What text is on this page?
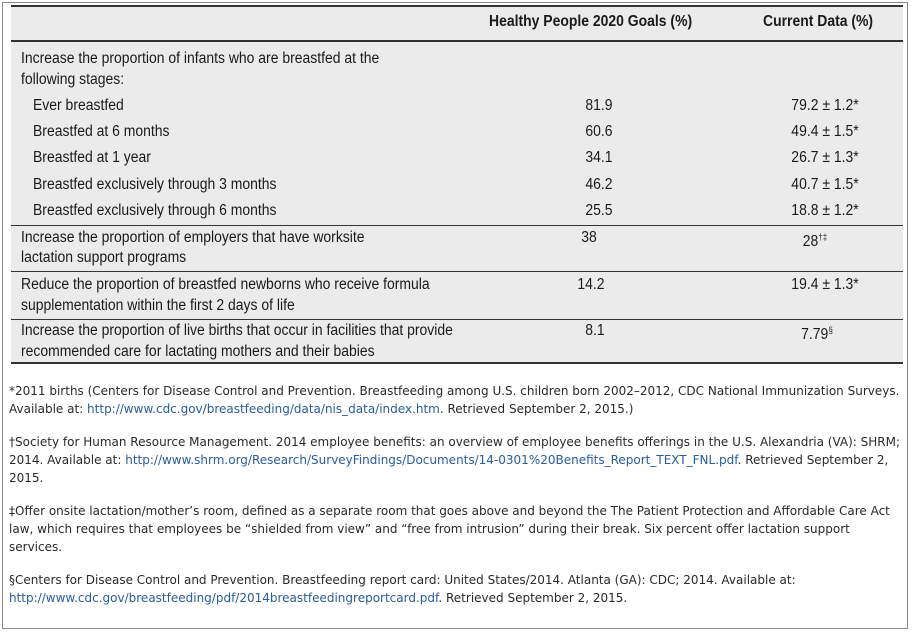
Healthy People 2020 Goals (%)	Current Data (%)
Increase the proportion of infants who are breastfed at the
following stages:
Ever breastfed	81.9	79.2 ± 1.2*
Breastfed at 6 months	60.6	49.4 ± 1.5*
Breastfed at 1 year	34.1	26.7 ± 1.3*
Breastfed exclusively through 3 months	46.2	40.7 ± 1.5*
Breastfed exclusively through 6 months	25.5	18.8 ± 1.2*
Increase the proportion of employers that have worksite
lactation support programs
38	28†‡
Reduce the proportion of breastfed newborns who receive formula
supplementation within the first 2 days of life
14.2	19.4 ± 1.3*
Increase the proportion of live births that occur in facilities that provide
recommended care for lactating mothers and their babies
8.1	7.79§

*2011 births (Centers for Disease Control and Prevention. Breastfeeding among U.S. children born 2002–2012, CDC National Immunization Surveys. Available at: http://www.cdc.gov/breastfeeding/data/nis_data/index.htm. Retrieved September 2, 2015.)

†Society for Human Resource Management. 2014 employee benefits: an overview of employee benefits offerings in the U.S. Alexandria (VA): SHRM; 2014. Available at: http://www.shrm.org/Research/SurveyFindings/Documents/14-0301%20Benefits_Report_TEXT_FNL.pdf. Retrieved September 2, 2015.

‡Offer onsite lactation/mother’s room, defined as a separate room that goes above and beyond the The Patient Protection and Affordable Care Act law, which requires that employees be “shielded from view” and “free from intrusion” during their break. Six percent offer lactation support services.

§Centers for Disease Control and Prevention. Breastfeeding report card: United States/2014. Atlanta (GA): CDC; 2014. Available at: http://www.cdc.gov/breastfeeding/pdf/2014breastfeedingreportcard.pdf. Retrieved September 2, 2015.
